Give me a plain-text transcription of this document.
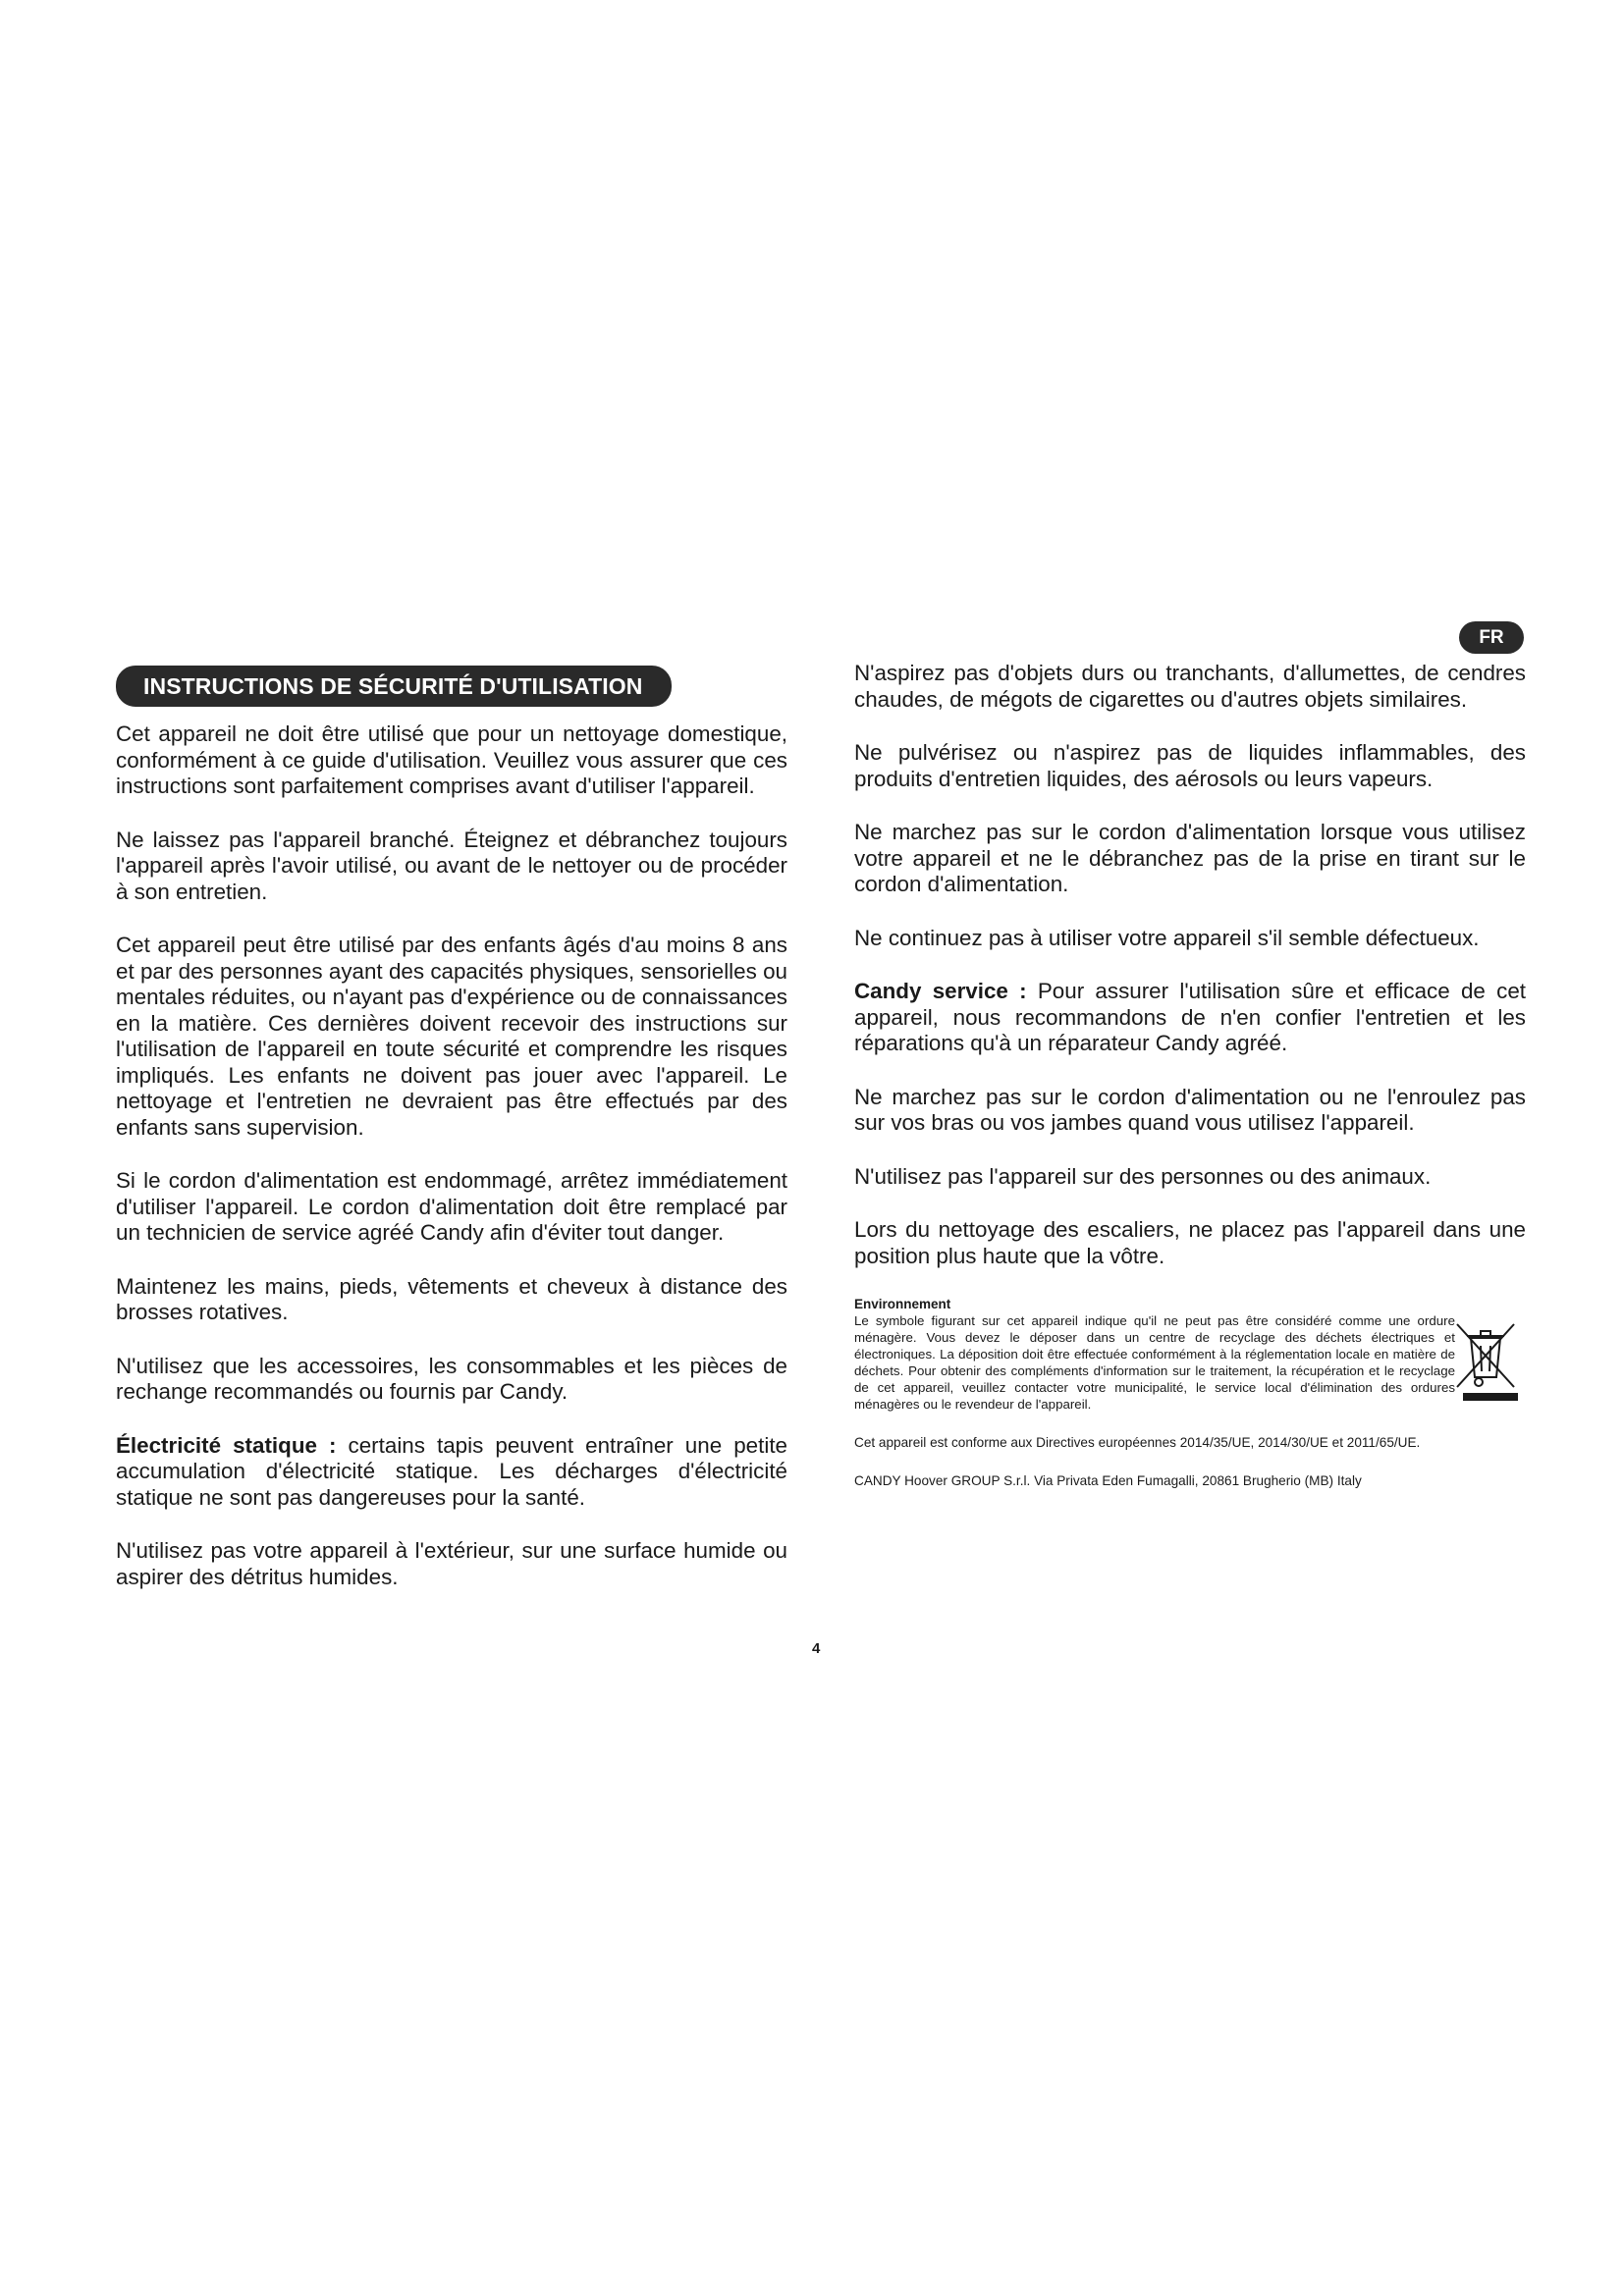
FR
INSTRUCTIONS DE SÉCURITÉ D'UTILISATION

Cet appareil ne doit être utilisé que pour un nettoyage domestique, conformément à ce guide d'utilisation. Veuillez vous assurer que ces instructions sont parfaitement comprises avant d'utiliser l'appareil.

Ne laissez pas l'appareil branché. Éteignez et débranchez toujours l'appareil après l'avoir utilisé, ou avant de le nettoyer ou de procéder à son entretien.

Cet appareil peut être utilisé par des enfants âgés d'au moins 8 ans et par des personnes ayant des capacités physiques, sensorielles ou mentales réduites, ou n'ayant pas d'expérience ou de connaissances en la matière. Ces dernières doivent recevoir des instructions sur l'utilisation de l'appareil en toute sécurité et comprendre les risques impliqués. Les enfants ne doivent pas jouer avec l'appareil. Le nettoyage et l'entretien ne devraient pas être effectués par des enfants sans supervision.

Si le cordon d'alimentation est endommagé, arrêtez immédiatement d'utiliser l'appareil. Le cordon d'alimentation doit être remplacé par un technicien de service agréé Candy afin d'éviter tout danger.

Maintenez les mains, pieds, vêtements et cheveux à distance des brosses rotatives.

N'utilisez que les accessoires, les consommables et les pièces de rechange recommandés ou fournis par Candy.

Électricité statique : certains tapis peuvent entraîner une petite accumulation d'électricité statique. Les décharges d'électricité statique ne sont pas dangereuses pour la santé.

N'utilisez pas votre appareil à l'extérieur, sur une surface humide ou aspirer des détritus humides.

N'aspirez pas d'objets durs ou tranchants, d'allumettes, de cendres chaudes, de mégots de cigarettes ou d'autres objets similaires.

Ne pulvérisez ou n'aspirez pas de liquides inflammables, des produits d'entretien liquides, des aérosols ou leurs vapeurs.

Ne marchez pas sur le cordon d'alimentation lorsque vous utilisez votre appareil et ne le débranchez pas de la prise en tirant sur le cordon d'alimentation.

Ne continuez pas à utiliser votre appareil s'il semble défectueux.

Candy service : Pour assurer l'utilisation sûre et efficace de cet appareil, nous recommandons de n'en confier l'entretien et les réparations qu'à un réparateur Candy agréé.

Ne marchez pas sur le cordon d'alimentation ou ne l'enroulez pas sur vos bras ou vos jambes quand vous utilisez l'appareil.

N'utilisez pas l'appareil sur des personnes ou des animaux.

Lors du nettoyage des escaliers, ne placez pas l'appareil dans une position plus haute que la vôtre.

Environnement

Le symbole figurant sur cet appareil indique qu'il ne peut pas être considéré comme une ordure ménagère. Vous devez le déposer dans un centre de recyclage des déchets électriques et électroniques. La déposition doit être effectuée conformément à la réglementation locale en matière de déchets. Pour obtenir des compléments d'information sur le traitement, la récupération et le recyclage de cet appareil, veuillez contacter votre municipalité, le service local d'élimination des ordures ménagères ou le revendeur de l'appareil.

Cet appareil est conforme aux Directives européennes 2014/35/UE, 2014/30/UE et 2011/65/UE.

CANDY Hoover GROUP S.r.l. Via Privata Eden Fumagalli, 20861 Brugherio (MB) Italy

4
